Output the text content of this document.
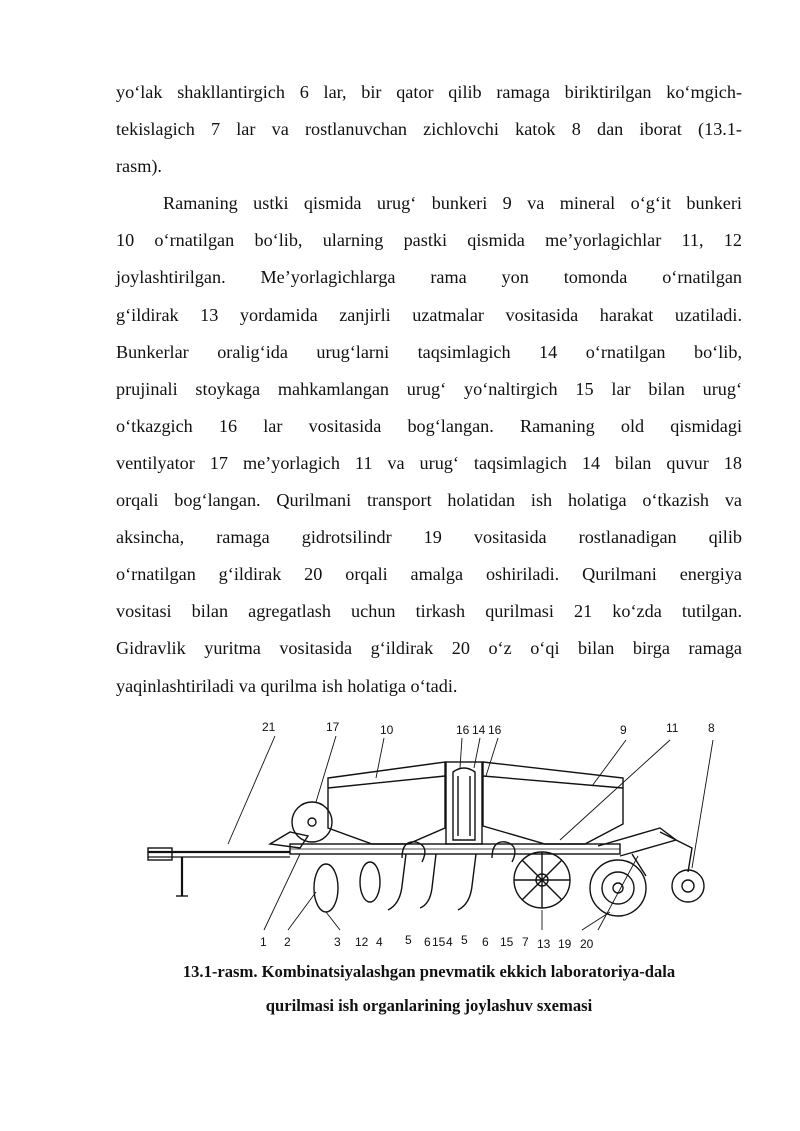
yo‘lak shakllantirgich 6 lar, bir qator qilib ramaga biriktirilgan ko‘mgich-
tekislagich 7 lar va rostlanuvchan zichlovchi katok 8 dan iborat (13.1-
rasm).

Ramaning ustki qismida urug‘ bunkeri 9 va mineral o‘g‘it bunkeri
10 o‘rnatilgan bo‘lib, ularning pastki qismida me’yorlagichlar 11, 12
joylashtirilgan. Me’yorlagichlarga rama yon tomonda o‘rnatilgan
g‘ildirak 13 yordamida zanjirli uzatmalar vositasida harakat uzatiladi.
Bunkerlar oralig‘ida urug‘larni taqsimlagich 14 o‘rnatilgan bo‘lib,
prujinali stoykaga mahkamlangan urug‘ yo‘naltirgich 15 lar bilan urug‘
o‘tkazgich 16 lar vositasida bog‘langan. Ramaning old qismidagi
ventilyator 17 me’yorlagich 11 va urug‘ taqsimlagich 14 bilan quvur 18
orqali bog‘langan. Qurilmani transport holatidan ish holatiga o‘tkazish va
aksincha, ramaga gidrotsilindr 19 vositasida rostlanadigan qilib
o‘rnatilgan g‘ildirak 20 orqali amalga oshiriladi. Qurilmani energiya
vositasi bilan agregatlash uchun tirkash qurilmasi 21 ko‘zda tutilgan.
Gidravlik yuritma vositasida g‘ildirak 20 o‘z o‘qi bilan birga ramaga
yaqinlashtiriladi va qurilma ish holatiga o‘tadi.

21	17	10	16 14 16	9	11 8
1 2	3 12 4 5 6 15 4 5 6 15 7 13 19 20
13.1-rasm. Kombinatsiyalashgan pnevmatik ekkich laboratoriya-dala
qurilmasi ish organlarining joylashuv sxemasi
